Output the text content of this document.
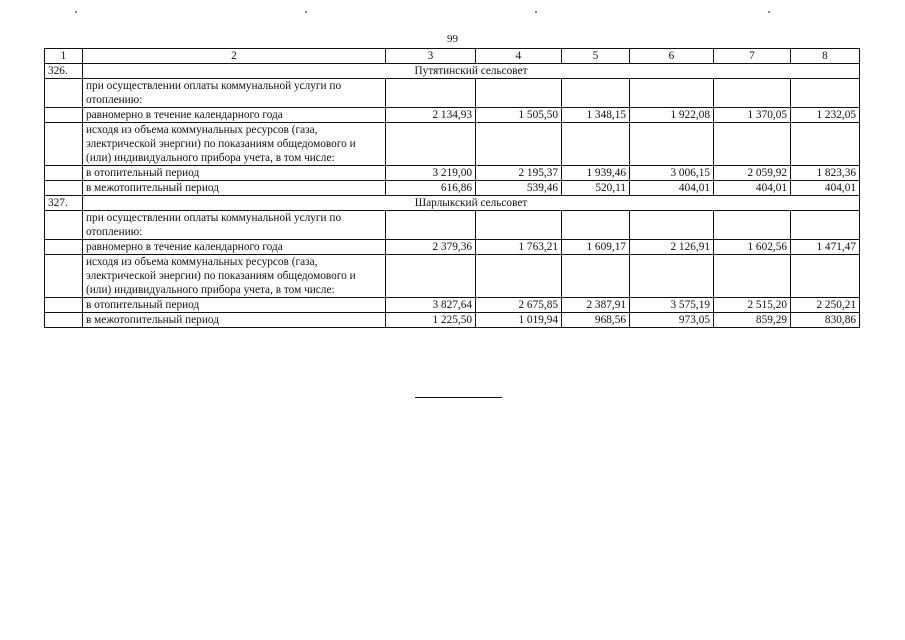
99
1	2	3	4	5	6	7	8
326.	Путятинский сельсовет						
	при осуществлении оплаты коммунальной услуги по отоплению:						
	равномерно в течение календарного года	2 134,93	1 505,50	1 348,15	1 922,08	1 370,05	1 232,05
	исходя из объема коммунальных ресурсов (газа, электрической энергии) по показаниям общедомового и (или) индивидуального прибора учета, в том числе:						
	в отопительный период	3 219,00	2 195,37	1 939,46	3 006,15	2 059,92	1 823,36
	в межотопительный период	616,86	539,46	520,11	404,01	404,01	404,01
327.	Шарлыкский сельсовет						
	при осуществлении оплаты коммунальной услуги по отоплению:						
	равномерно в течение календарного года	2 379,36	1 763,21	1 609,17	2 126,91	1 602,56	1 471,47
	исходя из объема коммунальных ресурсов (газа, электрической энергии) по показаниям общедомового и (или) индивидуального прибора учета, в том числе:						
	в отопительный период	3 827,64	2 675,85	2 387,91	3 575,19	2 515,20	2 250,21
	в межотопительный период	1 225,50	1 019,94	968,56	973,05	859,29	830,86
